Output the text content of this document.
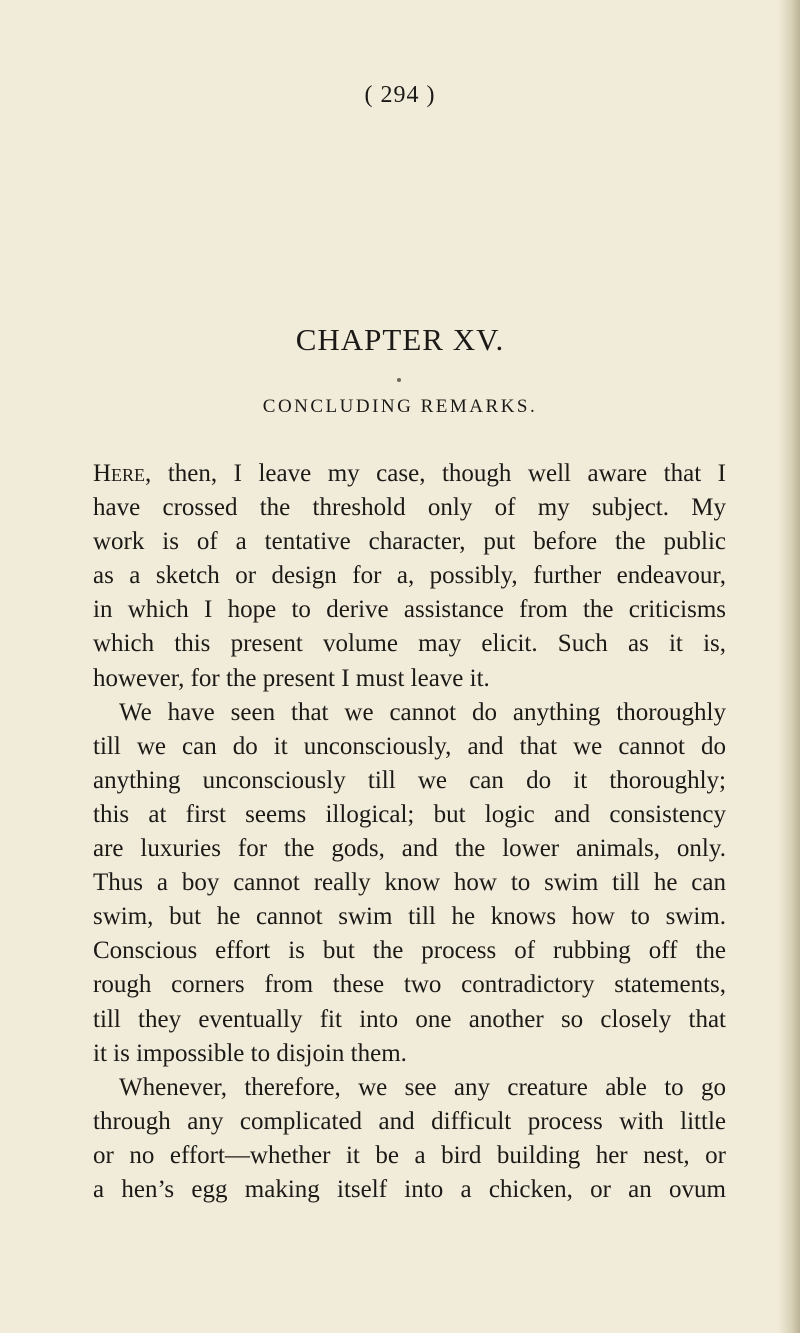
( 294 )
CHAPTER XV.
CONCLUDING REMARKS.
Here, then, I leave my case, though well aware that I
have crossed the threshold only of my subject. My
work is of a tentative character, put before the public
as a sketch or design for a, possibly, further endeavour,
in which I hope to derive assistance from the criticisms
which this present volume may elicit. Such as it is,
however, for the present I must leave it.
We have seen that we cannot do anything thoroughly
till we can do it unconsciously, and that we cannot do
anything unconsciously till we can do it thoroughly;
this at first seems illogical; but logic and consistency
are luxuries for the gods, and the lower animals, only.
Thus a boy cannot really know how to swim till he can
swim, but he cannot swim till he knows how to swim.
Conscious effort is but the process of rubbing off the
rough corners from these two contradictory statements,
till they eventually fit into one another so closely that
it is impossible to disjoin them.
Whenever, therefore, we see any creature able to go
through any complicated and difficult process with little
or no effort—whether it be a bird building her nest, or
a hen’s egg making itself into a chicken, or an ovum
